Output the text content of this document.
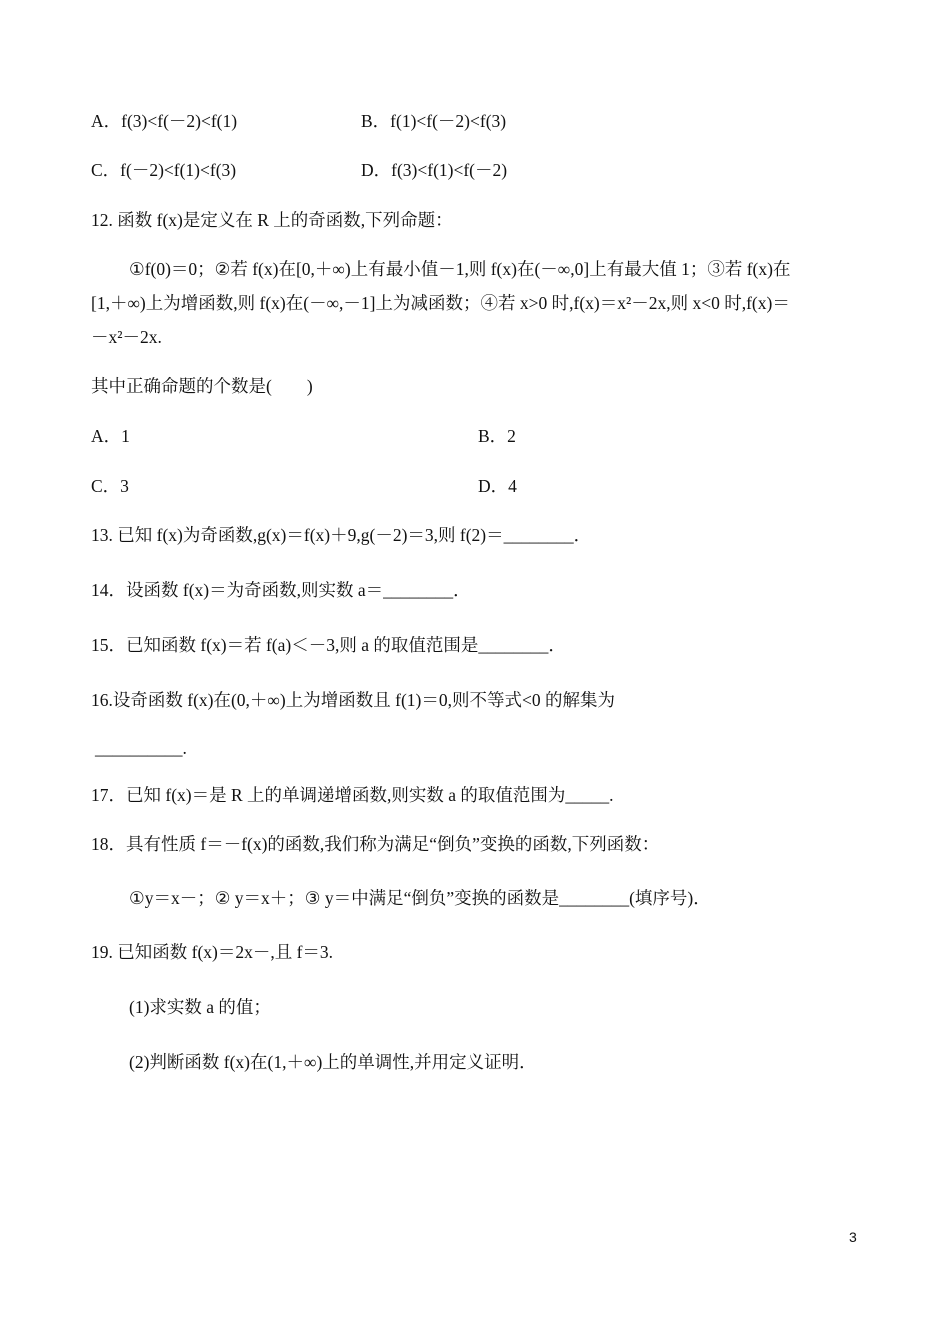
A．f(3)<f(－2)<f(1)	B．f(1)<f(－2)<f(3)
C．f(－2)<f(1)<f(3)	D．f(3)<f(1)<f(－2)
12. 函数 f(x)是定义在 R 上的奇函数,下列命题：
①f(0)＝0；②若 f(x)在[0,＋∞)上有最小值－1,则 f(x)在(－∞,0]上有最大值 1；③若 f(x)在
[1,＋∞)上为增函数,则 f(x)在(－∞,－1]上为减函数；④若 x>0 时,f(x)＝x²－2x,则 x<0 时,f(x)＝
－x²－2x.
其中正确命题的个数是(　　)
A．1	B．2
C．3	D．4
13. 已知 f(x)为奇函数,g(x)＝f(x)＋9,g(－2)＝3,则 f(2)＝________．
14．设函数 f(x)＝为奇函数,则实数 a＝________．
15．已知函数 f(x)＝若 f(a)＜－3,则 a 的取值范围是________．
16.设奇函数 f(x)在(0,＋∞)上为增函数且 f(1)＝0,则不等式<0 的解集为
__________.
17．已知 f(x)＝是 R 上的单调递增函数,则实数 a 的取值范围为_____.
18．具有性质 f＝－f(x)的函数,我们称为满足“倒负”变换的函数,下列函数：
①y＝x－；② y＝x＋；③ y＝中满足“倒负”变换的函数是________(填序号)．
19. 已知函数 f(x)＝2x－,且 f＝3.
(1)求实数 a 的值；
(2)判断函数 f(x)在(1,＋∞)上的单调性,并用定义证明．
3
